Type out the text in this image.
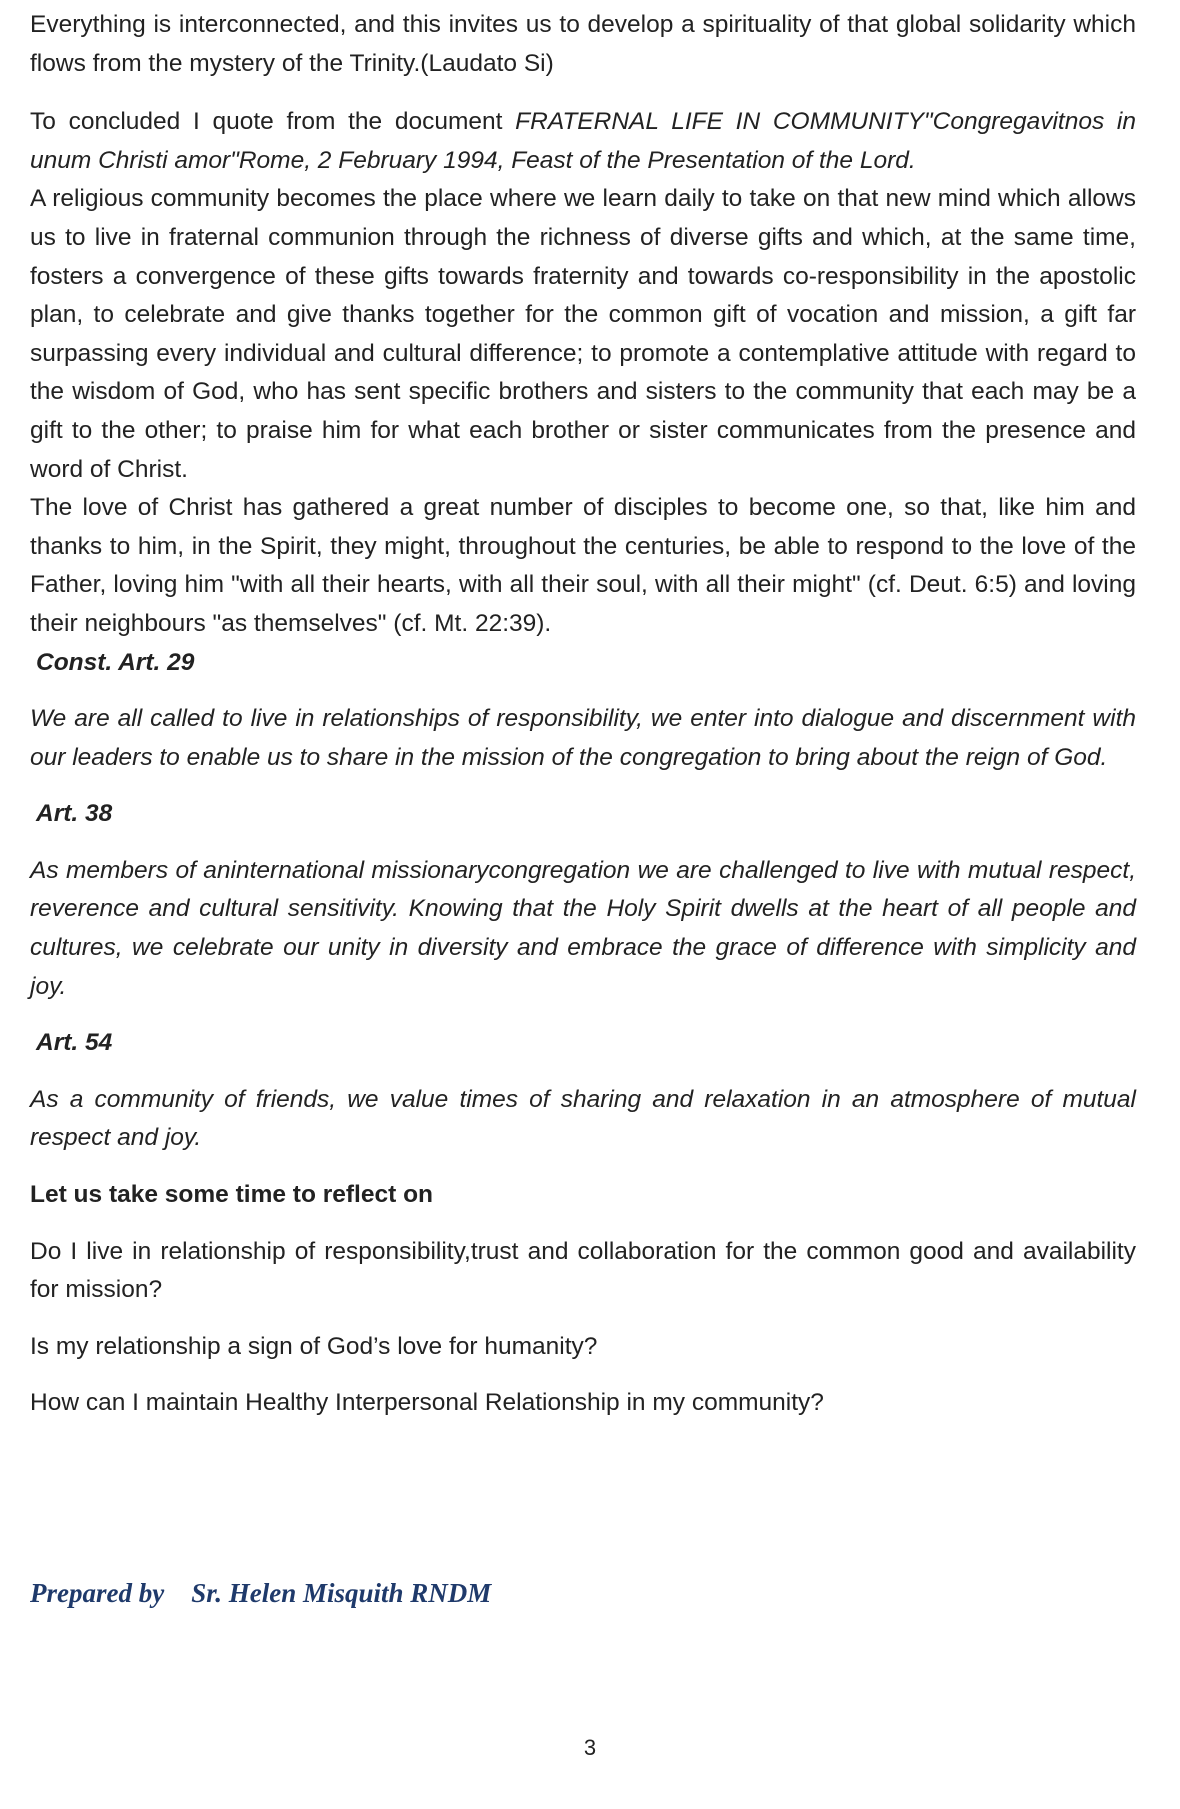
Everything is interconnected, and this invites us to develop a spirituality of that global solidarity which flows from the mystery of the Trinity.(Laudato Si)

To concluded I quote from the document FRATERNAL LIFE IN COMMUNITY"Congregavitnos in unum Christi amor"Rome, 2 February 1994, Feast of the Presentation of the Lord.

A religious community becomes the place where we learn daily to take on that new mind which allows us to live in fraternal communion through the richness of diverse gifts and which, at the same time, fosters a convergence of these gifts towards fraternity and towards co-responsibility in the apostolic plan, to celebrate and give thanks together for the common gift of vocation and mission, a gift far surpassing every individual and cultural difference; to promote a contemplative attitude with regard to the wisdom of God, who has sent specific brothers and sisters to the community that each may be a gift to the other; to praise him for what each brother or sister communicates from the presence and word of Christ.

The love of Christ has gathered a great number of disciples to become one, so that, like him and thanks to him, in the Spirit, they might, throughout the centuries, be able to respond to the love of the Father, loving him "with all their hearts, with all their soul, with all their might" (cf. Deut. 6:5) and loving their neighbours "as themselves" (cf. Mt. 22:39).

Const. Art. 29

We are all called to live in relationships of responsibility, we enter into dialogue and discernment with our leaders to enable us to share in the mission of the congregation to bring about the reign of God.

Art. 38

As members of aninternational missionarycongregation we are challenged to live with mutual respect, reverence and cultural sensitivity. Knowing that the Holy Spirit dwells at the heart of all people and cultures, we celebrate our unity in diversity and embrace the grace of difference with simplicity and joy.

Art. 54

As a community of friends, we value times of sharing and relaxation in an atmosphere of mutual respect and joy.

Let us take some time to reflect on

Do I live in relationship of responsibility,trust and collaboration for the common good and availability for mission?

Is my relationship a sign of God’s love for humanity?

How can I maintain Healthy Interpersonal Relationship in my community?

Prepared by    Sr. Helen Misquith RNDM
3
